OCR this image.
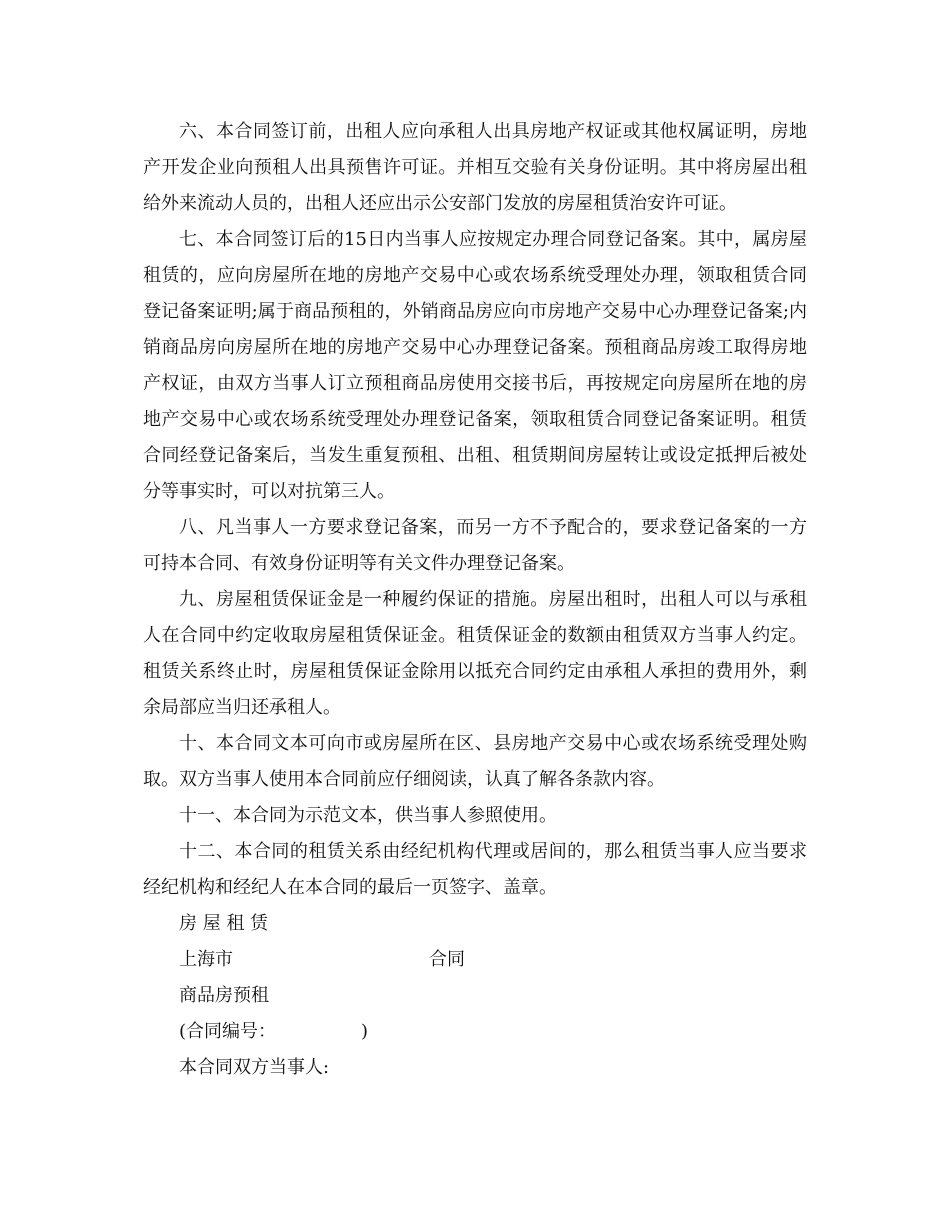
六、本合同签订前，出租人应向承租人出具房地产权证或其他权属证明，房地产开发企业向预租人出具预售许可证。并相互交验有关身份证明。其中将房屋出租给外来流动人员的，出租人还应出示公安部门发放的房屋租赁治安许可证。

七、本合同签订后的15日内当事人应按规定办理合同登记备案。其中，属房屋租赁的，应向房屋所在地的房地产交易中心或农场系统受理处办理，领取租赁合同登记备案证明;属于商品预租的，外销商品房应向市房地产交易中心办理登记备案;内销商品房向房屋所在地的房地产交易中心办理登记备案。预租商品房竣工取得房地产权证，由双方当事人订立预租商品房使用交接书后，再按规定向房屋所在地的房地产交易中心或农场系统受理处办理登记备案，领取租赁合同登记备案证明。租赁合同经登记备案后，当发生重复预租、出租、租赁期间房屋转让或设定抵押后被处分等事实时，可以对抗第三人。

八、凡当事人一方要求登记备案，而另一方不予配合的，要求登记备案的一方可持本合同、有效身份证明等有关文件办理登记备案。

九、房屋租赁保证金是一种履约保证的措施。房屋出租时，出租人可以与承租人在合同中约定收取房屋租赁保证金。租赁保证金的数额由租赁双方当事人约定。租赁关系终止时，房屋租赁保证金除用以抵充合同约定由承租人承担的费用外，剩余局部应当归还承租人。

十、本合同文本可向市或房屋所在区、县房地产交易中心或农场系统受理处购取。双方当事人使用本合同前应仔细阅读，认真了解各条款内容。

十一、本合同为示范文本，供当事人参照使用。

十二、本合同的租赁关系由经纪机构代理或居间的，那么租赁当事人应当要求经纪机构和经纪人在本合同的最后一页签字、盖章。

房 屋 租 赁

上海市	合同

商品房预租

(合同编号：	)

本合同双方当事人:
